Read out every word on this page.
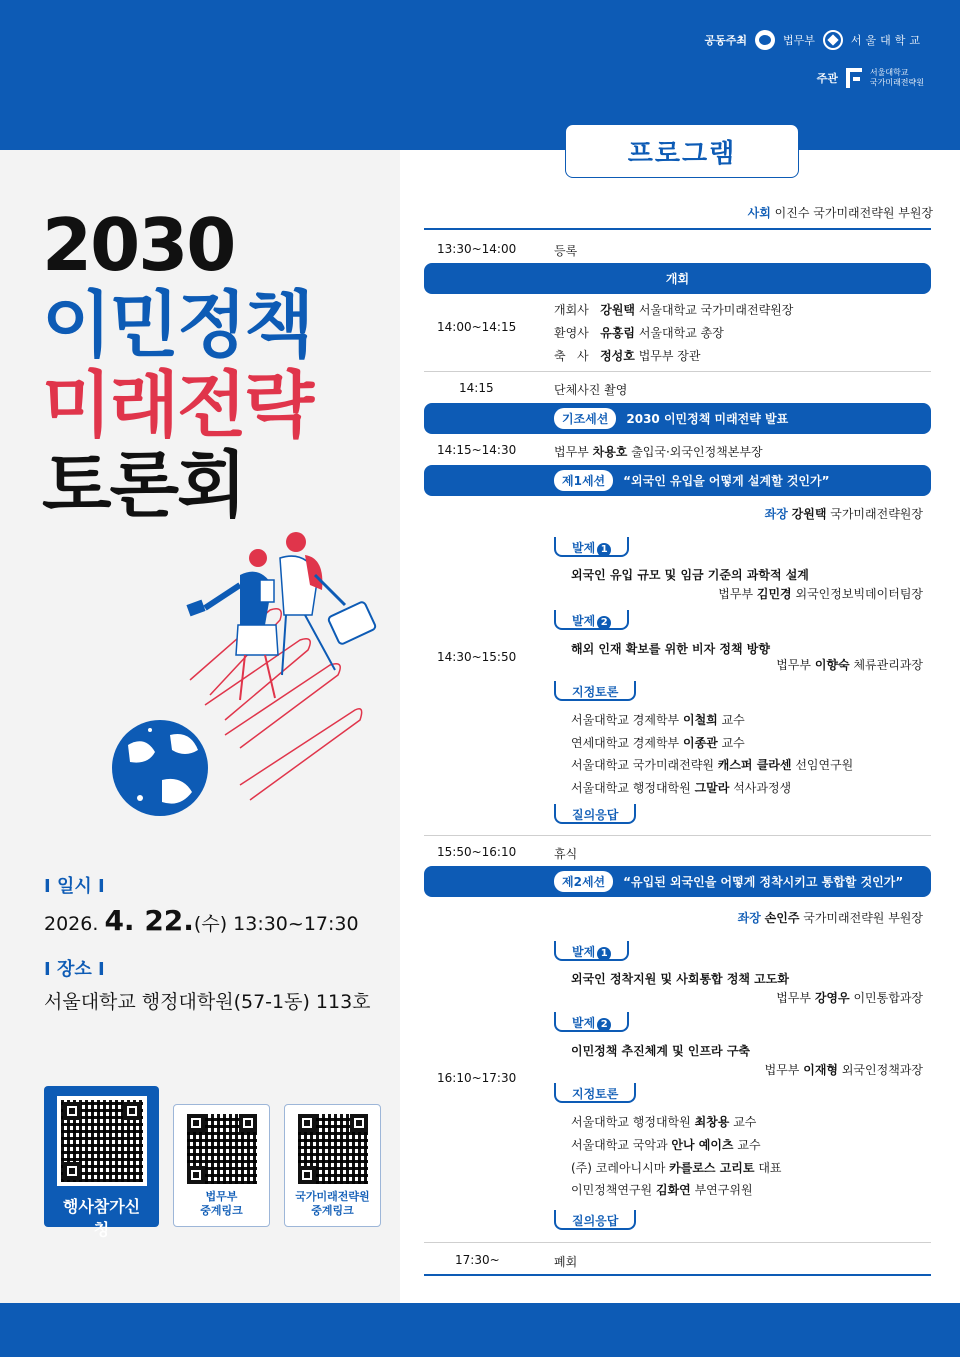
공동주최	법무부	서울대학교
주관	서울대학교
국가미래전략원
2030
이민정책
미래전략
토론회
I 일시 I
2026. 4. 22.(수) 13:30~17:30
I 장소 I
서울대학교 행정대학원(57-1동) 113호
행사참가신청
법무부
중계링크
국가미래전략원
중계링크
프로그램
사회 이진수 국가미래전략원 부원장
13:30~14:00	등록
개회
14:00~14:15
개회사 강원택 서울대학교 국가미래전략원장
환영사 유홍림 서울대학교 총장
축   사 정성호 법무부 장관
14:15	단체사진 촬영
기조세션	2030 이민정책 미래전략 발표
14:15~14:30	법무부 차용호 출입국·외국인정책본부장
제1세션	“외국인 유입을 어떻게 설계할 것인가”
좌장 강원택 국가미래전략원장
14:30~15:50
발제 1
외국인 유입 규모 및 임금 기준의 과학적 설계
법무부 김민경 외국인정보빅데이터팀장
발제 2
해외 인재 확보를 위한 비자 정책 방향
법무부 이향숙 체류관리과장
지정토론
서울대학교 경제학부 이철희 교수
연세대학교 경제학부 이종관 교수
서울대학교 국가미래전략원 캐스퍼 클라센 선임연구원
서울대학교 행정대학원 그말라 석사과정생
질의응답
15:50~16:10	휴식
제2세션	“유입된 외국인을 어떻게 정착시키고 통합할 것인가”
좌장 손인주 국가미래전략원 부원장
16:10~17:30
발제 1
외국인 정착지원 및 사회통합 정책 고도화
법무부 강영우 이민통합과장
발제 2
이민정책 추진체계 및 인프라 구축
법무부 이재형 외국인정책과장
지정토론
서울대학교 행정대학원 최창용 교수
서울대학교 국악과 안나 예이츠 교수
(주) 코레아니시마 카를로스 고리토 대표
이민정책연구원 김화연 부연구위원
질의응답
17:30~	폐회
